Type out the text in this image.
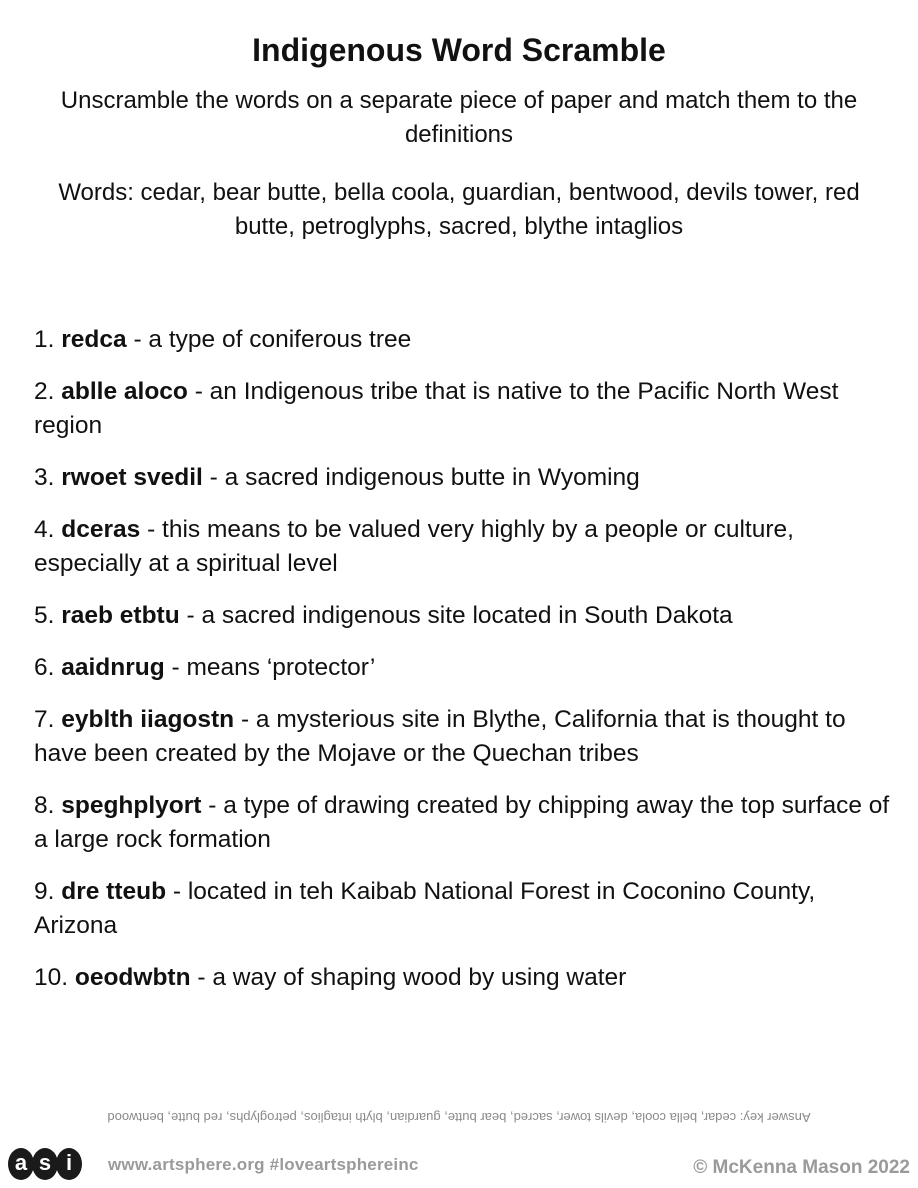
Indigenous Word Scramble
Unscramble the words on a separate piece of paper and match them to the definitions
Words: cedar, bear butte, bella coola, guardian, bentwood, devils tower, red butte, petroglyphs, sacred, blythe intaglios
1. redca - a type of coniferous tree
2. ablle aloco - an Indigenous tribe that is native to the Pacific North West region
3. rwoet svedil - a sacred indigenous butte in Wyoming
4. dceras - this means to be valued very highly by a people or culture, especially at a spiritual level
5. raeb etbtu - a sacred indigenous site located in South Dakota
6. aaidnrug - means ‘protector’
7. eyblth iiagostn - a mysterious site in Blythe, California that is thought to have been created by the Mojave or the Quechan tribes
8. speghplyort - a type of drawing created by chipping away the top surface of a large rock formation
9. dre tteub - located in teh Kaibab National Forest in Coconino County, Arizona
10. oeodwbtn - a way of shaping wood by using water
Answer key: cedar, bella coola, devils tower, sacred, bear butte, guardian, blyth intaglios, petroglyphs, red butte, bentwood
a s i	www.artsphere.org #loveartsphereinc	© McKenna Mason 2022
